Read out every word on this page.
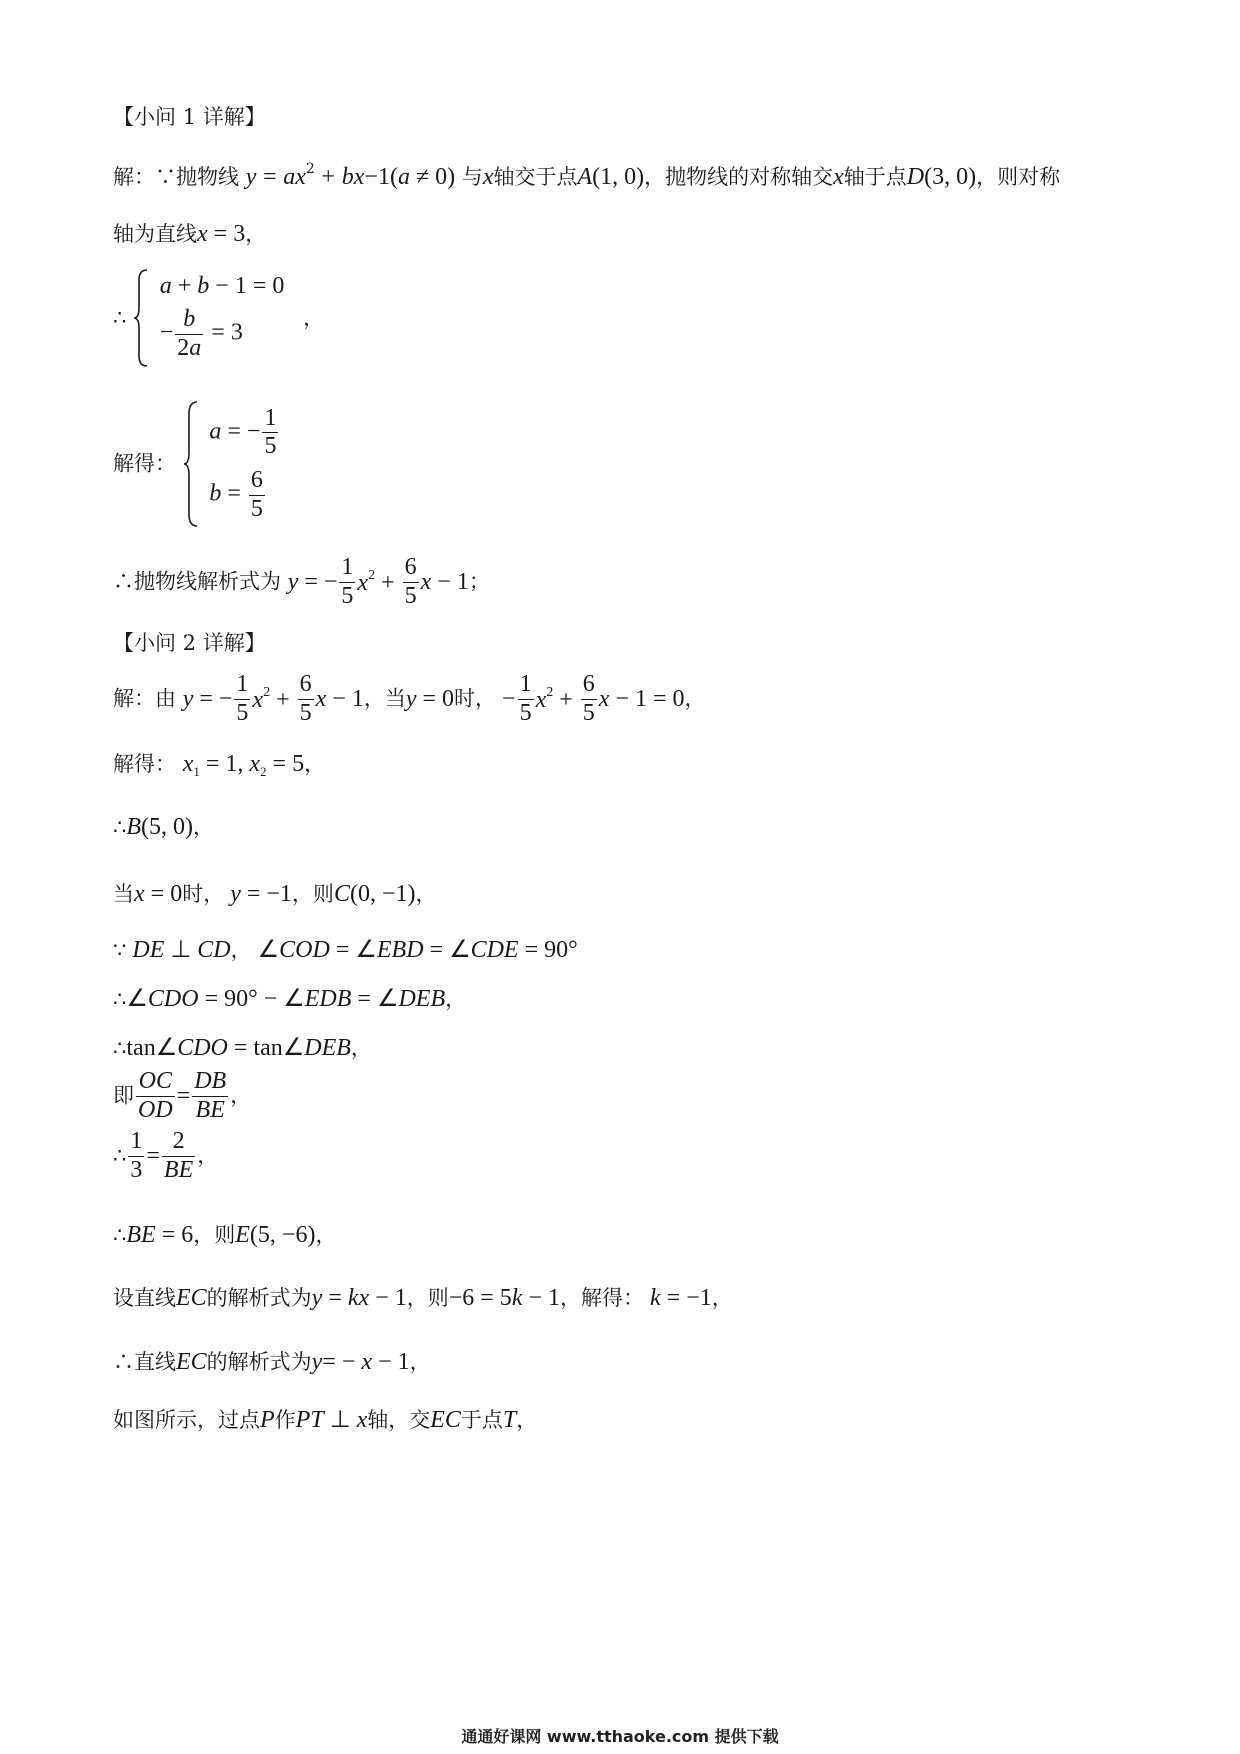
【小问 1 详解】
解：∵抛物线 $y = ax^2 + bx-1(a \ne 0)$ 与x轴交于点A(1, 0)，抛物线的对称轴交x轴于点D(3, 0)，则对称
轴为直线x = 3，
∴
a + b − 1 = 0
− $\frac{b}{2a} = 3$
，
解得：
a = − $\frac{1}{5}$
$b = \frac{6}{5}$
∴抛物线解析式为 y = − $\frac{1}{5} x^2 + \frac{6}{5}$ x − 1；
【小问 2 详解】
解：由 y = − $\frac{1}{5} x^2 + \frac{6}{5}$ x − 1，当y = 0时， − $\frac{1}{5} x^2 + \frac{6}{5}$ x − 1 = 0，
解得： $x_1 = 1$, $x_2 = 5$，
∴B(5, 0)，
当x = 0时， y = −1，则C(0, −1)，
∵ DE ⊥ CD， ∠COD = ∠EBD = ∠CDE = 90°
∴∠CDO = 90° − ∠EDB = ∠DEB，
∴tan∠CDO = tan∠DEB，
即 $\frac{OC}{OD} = \frac{DB}{BE}$ ，
∴ $\frac{1}{3} = \frac{2}{BE}$ ，
∴BE = 6，则E(5, −6)，
设直线EC的解析式为y = kx − 1，则−6 = 5k − 1，解得： k = −1，
∴直线EC的解析式为y= − x − 1，
如图所示，过点P作PT ⊥ x轴，交EC于点T，
通通好课网 www.tthaoke.com 提供下载
